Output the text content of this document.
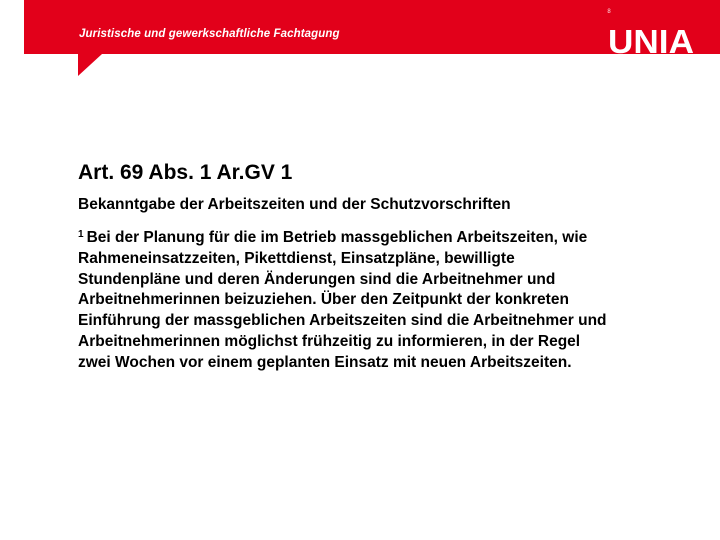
8
Juristische und gewerkschaftliche Fachtagung	UNIA
Art. 69 Abs. 1 Ar.GV 1
Bekanntgabe der Arbeitszeiten und der Schutzvorschriften
$^1$ Bei der Planung für die im Betrieb massgeblichen Arbeitszeiten, wie
Rahmeneinsatzzeiten, Pikettdienst, Einsatzpläne, bewilligte
Stundenpläne und deren Änderungen sind die Arbeitnehmer und
Arbeitnehmerinnen beizuziehen. Über den Zeitpunkt der konkreten
Einführung der massgeblichen Arbeitszeiten sind die Arbeitnehmer und
Arbeitnehmerinnen möglichst frühzeitig zu informieren, in der Regel
zwei Wochen vor einem geplanten Einsatz mit neuen Arbeitszeiten.
